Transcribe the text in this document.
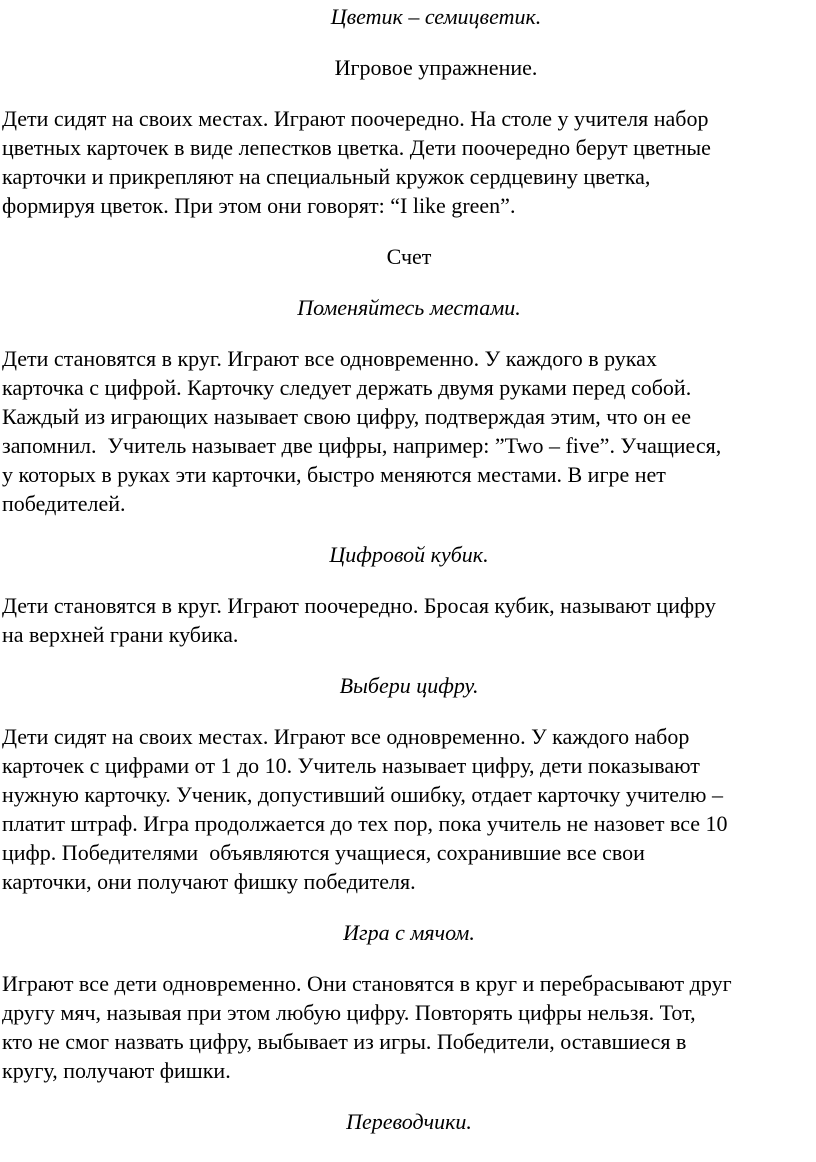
Цветик – семицветик.
Игровое упражнение.
Дети сидят на своих местах. Играют поочередно. На столе у учителя набор
цветных карточек в виде лепестков цветка. Дети поочередно берут цветные
карточки и прикрепляют на специальный кружок сердцевину цветка,
формируя цветок. При этом они говорят: “I like green”.
Счет
Поменяйтесь местами.
Дети становятся в круг. Играют все одновременно. У каждого в руках
карточка с цифрой. Карточку следует держать двумя руками перед собой.
Каждый из играющих называет свою цифру, подтверждая этим, что он ее
запомнил.  Учитель называет две цифры, например: ”Two – five”. Учащиеся,
у которых в руках эти карточки, быстро меняются местами. В игре нет
победителей.
Цифровой кубик.
Дети становятся в круг. Играют поочередно. Бросая кубик, называют цифру
на верхней грани кубика.
Выбери цифру.
Дети сидят на своих местах. Играют все одновременно. У каждого набор
карточек с цифрами от 1 до 10. Учитель называет цифру, дети показывают
нужную карточку. Ученик, допустивший ошибку, отдает карточку учителю –
платит штраф. Игра продолжается до тех пор, пока учитель не назовет все 10
цифр. Победителями  объявляются учащиеся, сохранившие все свои
карточки, они получают фишку победителя.
Игра с мячом.
Играют все дети одновременно. Они становятся в круг и перебрасывают друг
другу мяч, называя при этом любую цифру. Повторять цифры нельзя. Тот,
кто не смог назвать цифру, выбывает из игры. Победители, оставшиеся в
кругу, получают фишки.
Переводчики.
